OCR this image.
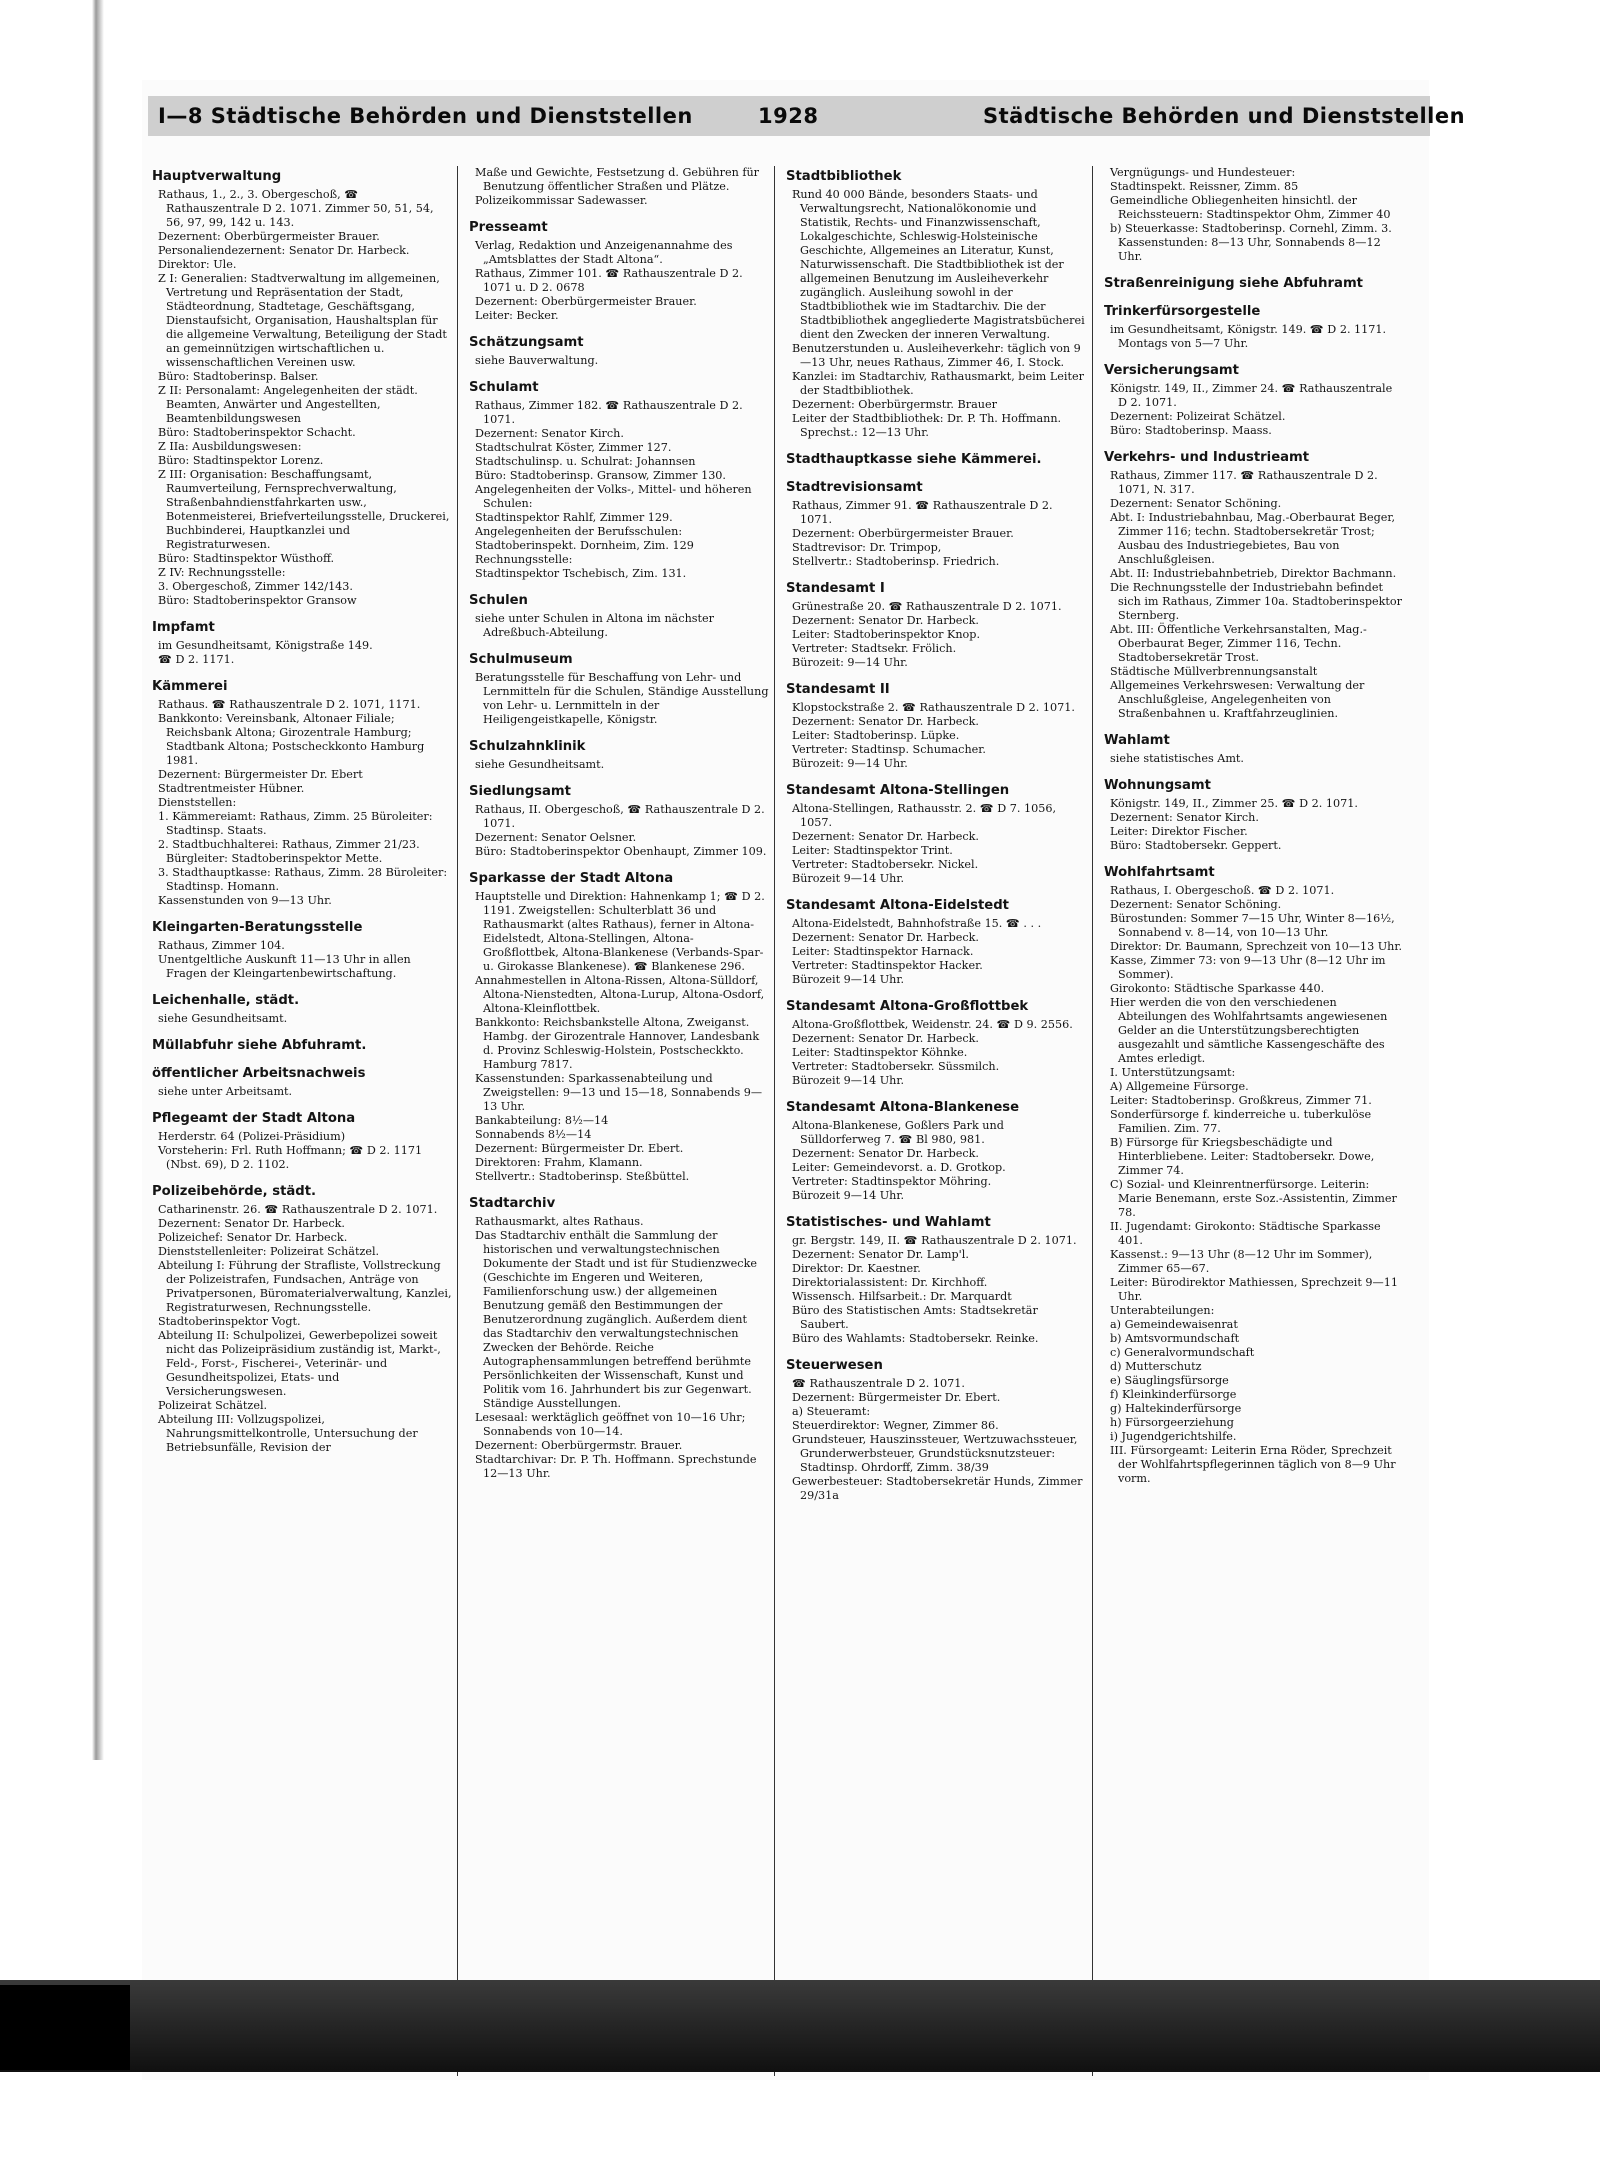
I—8 Städtische Behörden und Dienststellen	1928	Städtische Behörden und Dienststellen
Hauptverwaltung
Rathaus, 1., 2., 3. Obergeschoß, ☎ Rathauszentrale D 2. 1071. Zimmer 50, 51, 54, 56, 97, 99, 142 u. 143.
Dezernent: Oberbürgermeister Brauer.
Personaliendezernent: Senator Dr. Harbeck.
Direktor: Ule.
Z I: Generalien: Stadtverwaltung im allgemeinen, Vertretung und Repräsentation der Stadt, Städteordnung, Stadtetage, Geschäftsgang, Dienstaufsicht, Organisation, Haushaltsplan für die allgemeine Verwaltung, Beteiligung der Stadt an gemeinnützigen wirtschaftlichen u. wissenschaftlichen Vereinen usw.
Büro: Stadtoberinsp. Balser.
Z II: Personalamt: Angelegenheiten der städt. Beamten, Anwärter und Angestellten, Beamtenbildungswesen
Büro: Stadtoberinspektor Schacht.
Z IIa: Ausbildungswesen:
Büro: Stadtinspektor Lorenz.
Z III: Organisation: Beschaffungsamt, Raumverteilung, Fernsprechverwaltung, Straßenbahndienstfahrkarten usw., Botenmeisterei, Briefverteilungsstelle, Druckerei, Buchbinderei, Hauptkanzlei und Registraturwesen.
Büro: Stadtinspektor Wüsthoff.
Z IV: Rechnungsstelle:
3. Obergeschoß, Zimmer 142/143.
Büro: Stadtoberinspektor Gransow
Impfamt
im Gesundheitsamt, Königstraße 149.
☎ D 2. 1171.
Kämmerei
Rathaus. ☎ Rathauszentrale D 2. 1071, 1171.
Bankkonto: Vereinsbank, Altonaer Filiale; Reichsbank Altona; Girozentrale Hamburg; Stadtbank Altona; Postscheckkonto Hamburg 1981.
Dezernent: Bürgermeister Dr. Ebert
Stadtrentmeister Hübner.
Dienststellen:
1. Kämmereiamt: Rathaus, Zimm. 25 Büroleiter: Stadtinsp. Staats.
2. Stadtbuchhalterei: Rathaus, Zimmer 21/23. Bürgleiter: Stadtoberinspektor Mette.
3. Stadthauptkasse: Rathaus, Zimm. 28 Büroleiter: Stadtinsp. Homann.
Kassenstunden von 9—13 Uhr.
Kleingarten-Beratungsstelle
Rathaus, Zimmer 104.
Unentgeltliche Auskunft 11—13 Uhr in allen Fragen der Kleingartenbewirtschaftung.
Leichenhalle, städt.
siehe Gesundheitsamt.
Müllabfuhr siehe Abfuhramt.
öffentlicher Arbeitsnachweis
siehe unter Arbeitsamt.
Pflegeamt der Stadt Altona
Herderstr. 64 (Polizei-Präsidium)
Vorsteherin: Frl. Ruth Hoffmann; ☎ D 2. 1171 (Nbst. 69), D 2. 1102.
Polizeibehörde, städt.
Catharinenstr. 26. ☎ Rathauszentrale D 2. 1071.
Dezernent: Senator Dr. Harbeck.
Polizeichef: Senator Dr. Harbeck.
Dienststellenleiter: Polizeirat Schätzel.
Abteilung I: Führung der Strafliste, Vollstreckung der Polizeistrafen, Fundsachen, Anträge von Privatpersonen, Büromaterialverwaltung, Kanzlei, Registraturwesen, Rechnungsstelle.
Stadtoberinspektor Vogt.
Abteilung II: Schulpolizei, Gewerbepolizei soweit nicht das Polizeipräsidium zuständig ist, Markt-, Feld-, Forst-, Fischerei-, Veterinär- und Gesundheitspolizei, Etats- und Versicherungswesen.
Polizeirat Schätzel.
Abteilung III: Vollzugspolizei, Nahrungsmittelkontrolle, Untersuchung der Betriebsunfälle, Revision der
Maße und Gewichte, Festsetzung d. Gebühren für Benutzung öffentlicher Straßen und Plätze.
Polizeikommissar Sadewasser.
Presseamt
Verlag, Redaktion und Anzeigenannahme des „Amtsblattes der Stadt Altona“.
Rathaus, Zimmer 101. ☎ Rathauszentrale D 2. 1071 u. D 2. 0678
Dezernent: Oberbürgermeister Brauer.
Leiter: Becker.
Schätzungsamt
siehe Bauverwaltung.
Schulamt
Rathaus, Zimmer 182. ☎ Rathauszentrale D 2. 1071.
Dezernent: Senator Kirch.
Stadtschulrat Köster, Zimmer 127.
Stadtschulinsp. u. Schulrat: Johannsen
Büro: Stadtoberinsp. Gransow, Zimmer 130.
Angelegenheiten der Volks-, Mittel- und höheren Schulen:
Stadtinspektor Rahlf, Zimmer 129.
Angelegenheiten der Berufsschulen:
Stadtoberinspekt. Dornheim, Zim. 129
Rechnungsstelle:
Stadtinspektor Tschebisch, Zim. 131.
Schulen
siehe unter Schulen in Altona im nächster Adreßbuch-Abteilung.
Schulmuseum
Beratungsstelle für Beschaffung von Lehr- und Lernmitteln für die Schulen, Ständige Ausstellung von Lehr- u. Lernmitteln in der Heiligengeistkapelle, Königstr.
Schulzahnklinik
siehe Gesundheitsamt.
Siedlungsamt
Rathaus, II. Obergeschoß, ☎ Rathauszentrale D 2. 1071.
Dezernent: Senator Oelsner.
Büro: Stadtoberinspektor Obenhaupt, Zimmer 109.
Sparkasse der Stadt Altona
Hauptstelle und Direktion: Hahnenkamp 1; ☎ D 2. 1191. Zweigstellen: Schulterblatt 36 und Rathausmarkt (altes Rathaus), ferner in Altona-Eidelstedt, Altona-Stellingen, Altona-Großflottbek, Altona-Blankenese (Verbands-Spar- u. Girokasse Blankenese). ☎ Blankenese 296.
Annahmestellen in Altona-Rissen, Altona-Sülldorf, Altona-Nienstedten, Altona-Lurup, Altona-Osdorf, Altona-Kleinflottbek.
Bankkonto: Reichsbankstelle Altona, Zweiganst. Hambg. der Girozentrale Hannover, Landesbank d. Provinz Schleswig-Holstein, Postscheckkto. Hamburg 7817.
Kassenstunden: Sparkassenabteilung und Zweigstellen: 9—13 und 15—18, Sonnabends 9—13 Uhr.
Bankabteilung: 8½—14
Sonnabends 8½—14
Dezernent: Bürgermeister Dr. Ebert.
Direktoren: Frahm, Klamann.
Stellvertr.: Stadtoberinsp. Steßbüttel.
Stadtarchiv
Rathausmarkt, altes Rathaus.
Das Stadtarchiv enthält die Sammlung der historischen und verwaltungstechnischen Dokumente der Stadt und ist für Studienzwecke (Geschichte im Engeren und Weiteren, Familienforschung usw.) der allgemeinen Benutzung gemäß den Bestimmungen der Benutzerordnung zugänglich. Außerdem dient das Stadtarchiv den verwaltungstechnischen Zwecken der Behörde. Reiche Autographensammlungen betreffend berühmte Persönlichkeiten der Wissenschaft, Kunst und Politik vom 16. Jahrhundert bis zur Gegenwart. Ständige Ausstellungen.
Lesesaal: werktäglich geöffnet von 10—16 Uhr; Sonnabends von 10—14.
Dezernent: Oberbürgermstr. Brauer.
Stadtarchivar: Dr. P. Th. Hoffmann. Sprechstunde 12—13 Uhr.
Stadtbibliothek
Rund 40 000 Bände, besonders Staats- und Verwaltungsrecht, Nationalökonomie und Statistik, Rechts- und Finanzwissenschaft, Lokalgeschichte, Schleswig-Holsteinische Geschichte, Allgemeines an Literatur, Kunst, Naturwissenschaft. Die Stadtbibliothek ist der allgemeinen Benutzung im Ausleiheverkehr zugänglich. Ausleihung sowohl in der Stadtbibliothek wie im Stadtarchiv. Die der Stadtbibliothek angegliederte Magistratsbücherei dient den Zwecken der inneren Verwaltung.
Benutzerstunden u. Ausleiheverkehr: täglich von 9—13 Uhr, neues Rathaus, Zimmer 46, I. Stock.
Kanzlei: im Stadtarchiv, Rathausmarkt, beim Leiter der Stadtbibliothek.
Dezernent: Oberbürgermstr. Brauer
Leiter der Stadtbibliothek: Dr. P. Th. Hoffmann. Sprechst.: 12—13 Uhr.
Stadthauptkasse siehe Kämmerei.
Stadtrevisionsamt
Rathaus, Zimmer 91. ☎ Rathauszentrale D 2. 1071.
Dezernent: Oberbürgermeister Brauer.
Stadtrevisor: Dr. Trimpop,
Stellvertr.: Stadtoberinsp. Friedrich.
Standesamt I
Grünestraße 20. ☎ Rathauszentrale D 2. 1071.
Dezernent: Senator Dr. Harbeck.
Leiter: Stadtoberinspektor Knop.
Vertreter: Stadtsekr. Frölich.
Bürozeit: 9—14 Uhr.
Standesamt II
Klopstockstraße 2. ☎ Rathauszentrale D 2. 1071.
Dezernent: Senator Dr. Harbeck.
Leiter: Stadtoberinsp. Lüpke.
Vertreter: Stadtinsp. Schumacher.
Bürozeit: 9—14 Uhr.
Standesamt Altona-Stellingen
Altona-Stellingen, Rathausstr. 2. ☎ D 7. 1056, 1057.
Dezernent: Senator Dr. Harbeck.
Leiter: Stadtinspektor Trint.
Vertreter: Stadtobersekr. Nickel.
Bürozeit 9—14 Uhr.
Standesamt Altona-Eidelstedt
Altona-Eidelstedt, Bahnhofstraße 15. ☎ . . .
Dezernent: Senator Dr. Harbeck.
Leiter: Stadtinspektor Harnack.
Vertreter: Stadtinspektor Hacker.
Bürozeit 9—14 Uhr.
Standesamt Altona-Großflottbek
Altona-Großflottbek, Weidenstr. 24. ☎ D 9. 2556.
Dezernent: Senator Dr. Harbeck.
Leiter: Stadtinspektor Köhnke.
Vertreter: Stadtobersekr. Süssmilch.
Bürozeit 9—14 Uhr.
Standesamt Altona-Blankenese
Altona-Blankenese, Goßlers Park und Sülldorferweg 7. ☎ Bl 980, 981.
Dezernent: Senator Dr. Harbeck.
Leiter: Gemeindevorst. a. D. Grotkop.
Vertreter: Stadtinspektor Möhring.
Bürozeit 9—14 Uhr.
Statistisches- und Wahlamt
gr. Bergstr. 149, II. ☎ Rathauszentrale D 2. 1071.
Dezernent: Senator Dr. Lamp'l.
Direktor: Dr. Kaestner.
Direktorialassistent: Dr. Kirchhoff.
Wissensch. Hilfsarbeit.: Dr. Marquardt
Büro des Statistischen Amts: Stadtsekretär Saubert.
Büro des Wahlamts: Stadtobersekr. Reinke.
Steuerwesen
☎ Rathauszentrale D 2. 1071.
Dezernent: Bürgermeister Dr. Ebert.
a) Steueramt:
Steuerdirektor: Wegner, Zimmer 86.
Grundsteuer, Hauszinssteuer, Wertzuwachssteuer, Grunderwerbsteuer, Grundstücksnutzsteuer: Stadtinsp. Ohrdorff, Zimm. 38/39
Gewerbesteuer: Stadtobersekretär Hunds, Zimmer 29/31a
Vergnügungs- und Hundesteuer:
Stadtinspekt. Reissner, Zimm. 85
Gemeindliche Obliegenheiten hinsichtl. der Reichssteuern: Stadtinspektor Ohm, Zimmer 40
b) Steuerkasse: Stadtoberinsp. Cornehl, Zimm. 3. Kassenstunden: 8—13 Uhr, Sonnabends 8—12 Uhr.
Straßenreinigung siehe Abfuhramt
Trinkerfürsorgestelle
im Gesundheitsamt, Königstr. 149. ☎ D 2. 1171. Montags von 5—7 Uhr.
Versicherungsamt
Königstr. 149, II., Zimmer 24. ☎ Rathauszentrale D 2. 1071.
Dezernent: Polizeirat Schätzel.
Büro: Stadtoberinsp. Maass.
Verkehrs- und Industrieamt
Rathaus, Zimmer 117. ☎ Rathauszentrale D 2. 1071, N. 317.
Dezernent: Senator Schöning.
Abt. I: Industriebahnbau, Mag.-Oberbaurat Beger, Zimmer 116; techn. Stadtobersekretär Trost; Ausbau des Industriegebietes, Bau von Anschlußgleisen.
Abt. II: Industriebahnbetrieb, Direktor Bachmann.
Die Rechnungsstelle der Industriebahn befindet sich im Rathaus, Zimmer 10a. Stadtoberinspektor Sternberg.
Abt. III: Öffentliche Verkehrsanstalten, Mag.-Oberbaurat Beger, Zimmer 116, Techn. Stadtobersekretär Trost.
Städtische Müllverbrennungsanstalt
Allgemeines Verkehrswesen: Verwaltung der Anschlußgleise, Angelegenheiten von Straßenbahnen u. Kraftfahrzeuglinien.
Wahlamt
siehe statistisches Amt.
Wohnungsamt
Königstr. 149, II., Zimmer 25. ☎ D 2. 1071.
Dezernent: Senator Kirch.
Leiter: Direktor Fischer.
Büro: Stadtobersekr. Geppert.
Wohlfahrtsamt
Rathaus, I. Obergeschoß. ☎ D 2. 1071.
Dezernent: Senator Schöning.
Bürostunden: Sommer 7—15 Uhr, Winter 8—16½, Sonnabend v. 8—14, von 10—13 Uhr.
Direktor: Dr. Baumann, Sprechzeit von 10—13 Uhr.
Kasse, Zimmer 73: von 9—13 Uhr (8—12 Uhr im Sommer).
Girokonto: Städtische Sparkasse 440.
Hier werden die von den verschiedenen Abteilungen des Wohlfahrtsamts angewiesenen Gelder an die Unterstützungsberechtigten ausgezahlt und sämtliche Kassengeschäfte des Amtes erledigt.
I. Unterstützungsamt:
A) Allgemeine Fürsorge.
Leiter: Stadtoberinsp. Großkreus, Zimmer 71.
Sonderfürsorge f. kinderreiche u. tuberkulöse Familien. Zim. 77.
B) Fürsorge für Kriegsbeschädigte und Hinterbliebene. Leiter: Stadtobersekr. Dowe, Zimmer 74.
C) Sozial- und Kleinrentnerfürsorge. Leiterin: Marie Benemann, erste Soz.-Assistentin, Zimmer 78.
II. Jugendamt: Girokonto: Städtische Sparkasse 401.
Kassenst.: 9—13 Uhr (8—12 Uhr im Sommer), Zimmer 65—67.
Leiter: Bürodirektor Mathiessen, Sprechzeit 9—11 Uhr.
Unterabteilungen:
a) Gemeindewaisenrat
b) Amtsvormundschaft
c) Generalvormundschaft
d) Mutterschutz
e) Säuglingsfürsorge
f) Kleinkinderfürsorge
g) Haltekinderfürsorge
h) Fürsorgeerziehung
i) Jugendgerichtshilfe.
III. Fürsorgeamt: Leiterin Erna Röder, Sprechzeit der Wohlfahrtspflegerinnen täglich von 8—9 Uhr vorm.
